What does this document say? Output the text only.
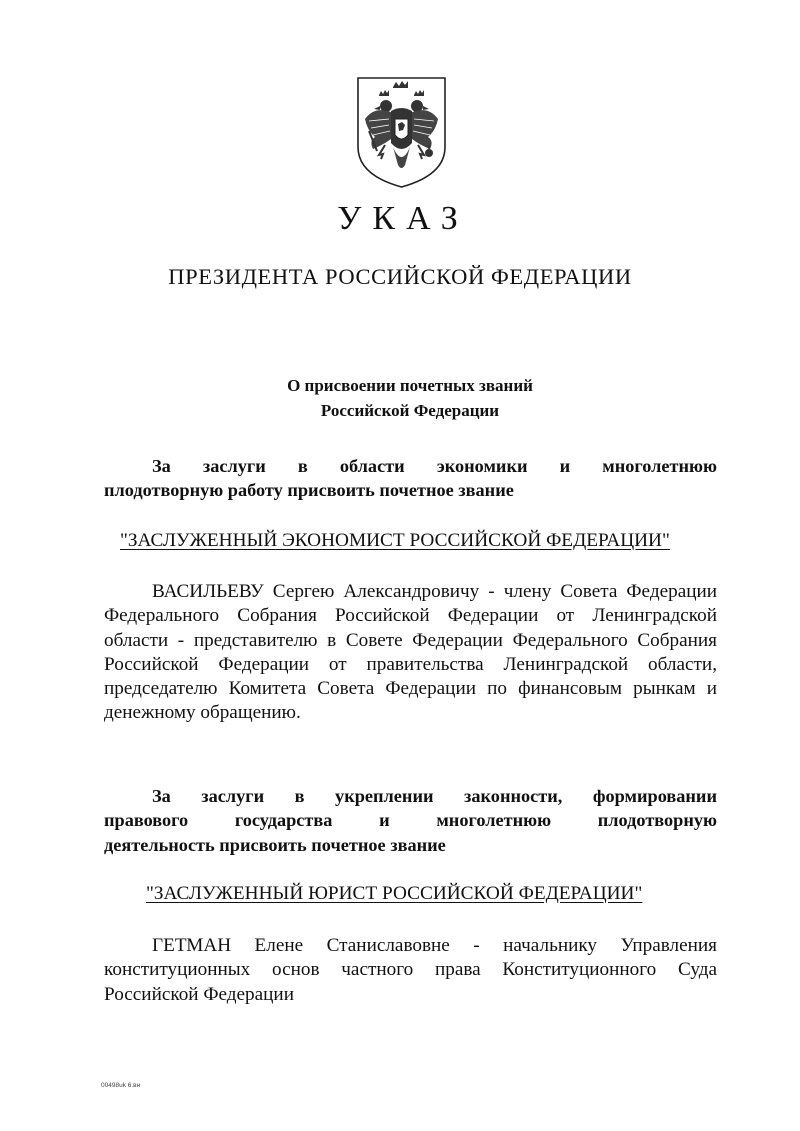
УКАЗ
ПРЕЗИДЕНТА РОССИЙСКОЙ ФЕДЕРАЦИИ
О присвоении почетных званий
Российской Федерации
За заслуги в области экономики и многолетнюю
плодотворную работу присвоить почетное звание
"ЗАСЛУЖЕННЫЙ ЭКОНОМИСТ РОССИЙСКОЙ ФЕДЕРАЦИИ"
ВАСИЛЬЕВУ Сергею Александровичу - члену Совета Федерации Федерального Собрания Российской Федерации от Ленинградской области - представителю в Совете Федерации Федерального Собрания Российской Федерации от правительства Ленинградской области, председателю Комитета Совета Федерации по финансовым рынкам и денежному обращению.
За заслуги в укреплении законности, формировании
правового государства и многолетнюю плодотворную
деятельность присвоить почетное звание
"ЗАСЛУЖЕННЫЙ ЮРИСТ РОССИЙСКОЙ ФЕДЕРАЦИИ"
ГЕТМАН Елене Станиславовне - начальнику Управления конституционных основ частного права Конституционного Суда Российской Федерации
00498uk 6.вн
